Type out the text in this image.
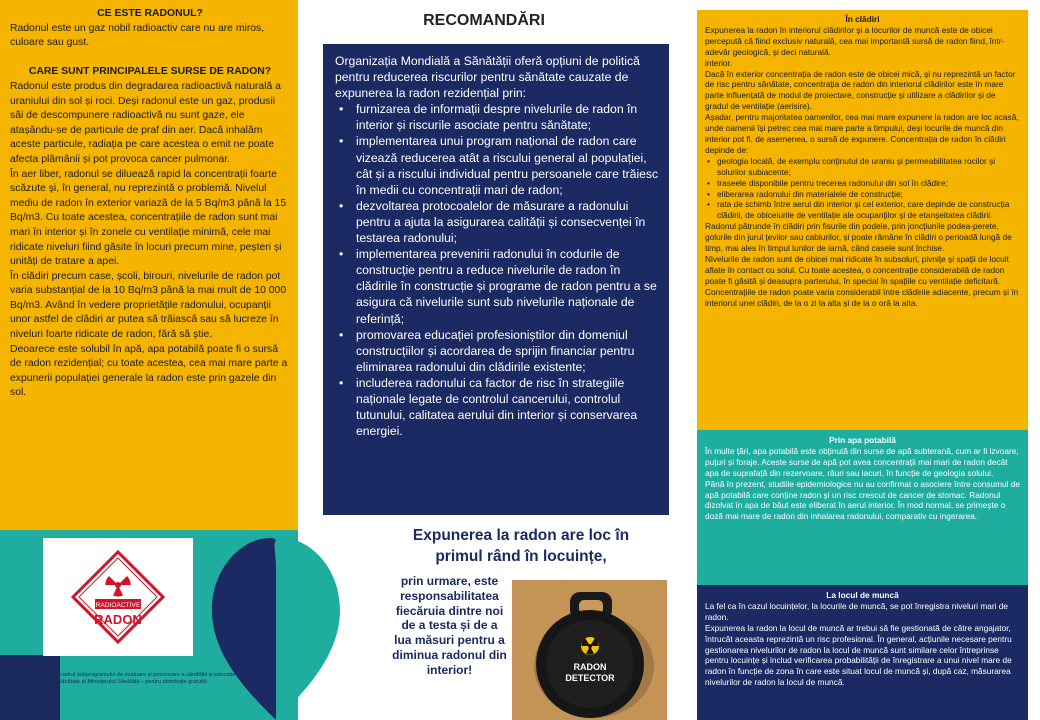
CE ESTE RADONUL?

Radonul este un gaz nobil radioactiv care nu are miros, culoare sau gust.

CARE SUNT PRINCIPALELE SURSE DE RADON?

Radonul este produs din degradarea radioactivă naturală a uraniului din sol și roci. Deși radonul este un gaz, produsii săi de descompunere radioactivă nu sunt gaze, ele atașându-se de particule de praf din aer. Dacă inhalăm aceste particule, radiația pe care acestea o emit ne poate afecta plămânii și pot provoca cancer pulmonar.

În aer liber, radonul se diluează rapid la concentrații foarte scăzute și, în general, nu reprezintă o problemă. Nivelul mediu de radon în exterior variază de la 5 Bq/m3 până la 15 Bq/m3. Cu toate acestea, concentrațiile de radon sunt mai mari în interior și în zonele cu ventilație minimă, cele mai ridicate niveluri fiind găsite în locuri precum mine, peșteri și unități de tratare a apei.

În clădiri precum case, școli, birouri, nivelurile de radon pot varia substanțial de la 10 Bq/m3 până la mai mult de 10 000 Bq/m3. Având în vedere proprietățile radonului, ocupanții unor astfel de clădiri ar putea să trăiască sau să lucreze în niveluri foarte ridicate de radon, fără să știe.

Deoarece este solubil în apă, apa potabilă poate fi o sursă de radon rezidențial; cu toate acestea, cea mai mare parte a expunerii populației generale la radon este prin gazele din sol.

RADIOACTIVE
RADON
Material realizat în cadrul subprogramului de evaluare și promovare a sănătății și educație pentru sănătate al Ministerului Sănătății – pentru distribuție gratuită
RECOMANDĂRI

Organizația Mondială a Sănătății oferă opțiuni de politică pentru reducerea riscurilor pentru sănătate cauzate de expunerea la radon rezidențial prin:

• furnizarea de informații despre nivelurile de radon în interior și riscurile asociate pentru sănătate;
• implementarea unui program național de radon care vizează reducerea atât a riscului general al populației, cât și a riscului individual pentru persoanele care trăiesc în medii cu concentrații mari de radon;
• dezvoltarea protocoalelor de măsurare a radonului pentru a ajuta la asigurarea calității și consecvenței în testarea radonului;
• implementarea prevenirii radonului în codurile de construcție pentru a reduce nivelurile de radon în clădirile în construcție și programe de radon pentru a se asigura că nivelurile sunt sub nivelurile naționale de referință;
• promovarea educației profesioniștilor din domeniul construcțiilor și acordarea de sprijin financiar pentru eliminarea radonului din clădirile existente;
• includerea radonului ca factor de risc în strategiile naționale legate de controlul cancerului, controlul tutunului, calitatea aerului din interior și conservarea energiei.
Expunerea la radon are loc în primul rând în locuințe,
prin urmare, este responsabilitatea fiecăruia dintre noi de a testa și de a lua măsuri pentru a diminua radonul din interior!	RADON
DETECTOR
În clădiri

Expunerea la radon în interiorul clădirilor și a locurilor de muncă este de obicei percepută că fiind exclusiv naturală, cea mai importantă sursă de radon fiind, într-adevăr geologică, și deci naturală.

interior.

Dacă în exterior concentrația de radon este de obicei mică, și nu reprezintă un factor de risc pentru sănătate, concentrația de radon din interiorul clădirilor este în mare parte influențată de modul de proiectare, construcție și utilizare a clădirilor și de gradul de ventilație (aerisire).

Așadar, pentru majoritatea oamenilor, cea mai mare expunere la radon are loc acasă, unde oamenii își petrec cea mai mare parte a timpului, deși locurile de muncă din interior pot fi, de asemenea, o sursă de expunere. Concentrația de radon în clădiri depinde de:

• geologia locală, de exemplu conținutul de uraniu și permeabilitatea rocilor și solurilor subiacente;
• traseele disponibile pentru trecerea radonului din sol în clădire;
• eliberarea radonului din materialele de construcție;
• rata de schimb între aerul din interior și cel exterior, care depinde de construcția clădirii, de obiceiurile de ventilație ale ocupanților și de etanșeitatea clădirii.

Radonul pătrunde în clădiri prin fisurile din podele, prin joncțiunile podea-perete, golurile din jurul țevilor sau cablurilor, și poate rămâne în clădiri o perioadă lungă de timp, mai ales în timpul lunilor de iarnă, când casele sunt închise.

Nivelurile de radon sunt de obicei mai ridicate în subsoluri, pivnițe și spații de locuit aflate în contact cu solul. Cu toate acestea, o concentrație considerabilă de radon poate fi găsită și deasupra parterului, în special în spațiile cu ventilație deficitară. Concentrațiile de radon poate varia considerabil între clădirile adiacente, precum și în interiorul unei clădiri, de la o zi la alta și de la o oră la alta.

Prin apa potabilă

În multe țări, apa potabilă este obținută din surse de apă subterană, cum ar fi izvoare, puțuri și foraje. Aceste surse de apă pot avea concentrații mai mari de radon decât apa de suprafață din rezervoare, râuri sau lacuri, în funcție de geologia solului.

Până în prezent, studiile epidemiologice nu au confirmat o asociere între consumul de apă potabilă care conține radon și un risc crescut de cancer de stomac. Radonul dizolvat în apa de băut este eliberat în aerul interior. În mod normal, se primește o doză mai mare de radon din inhalarea radonului, comparativ cu ingerarea.

La locul de muncă

La fel ca în cazul locuințelor, la locurile de muncă, se pot înregistra niveluri mari de radon.

Expunerea la radon la locul de muncă ar trebui să fie gestionată de către angajator, întrucât aceasta reprezintă un risc profesional. În general, acțiunile necesare pentru gestionarea nivelurilor de radon la locul de muncă sunt similare celor întreprinse pentru locuințe și includ verificarea probabilității de înregistrare a unui nivel mare de radon în funcție de zona în care este situat locul de muncă și, după caz, măsurarea nivelurilor de radon la locul de muncă.
